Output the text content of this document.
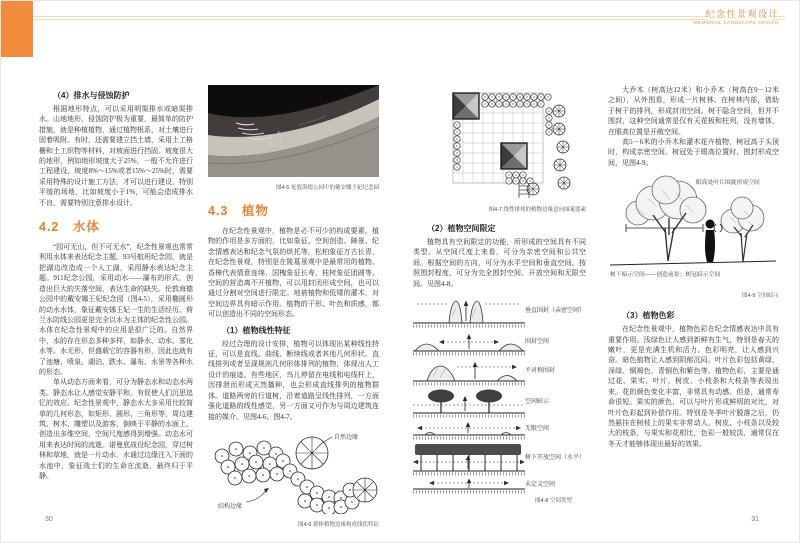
纪念性景观设计
MEMORIAL LANDSCAPE DESIGN
（4）排水与侵蚀防护

根据地形特点，可以采用明渠排水或暗渠排水。山地地形，侵蚀防护极为重要，最简单的防护措施，就是种植植物，通过植物根系，对土壤进行固着吸附。有时，还需要建立挡土墙，采用土工格栅和土工织物等材料，对坡面进行挡固。坡度很大的地形，例如地形坡度大于25%，一般不允许进行工程建设，坡度8%～15%或者15%～25%时，需要采用特殊的设计施工方法，才可以进行建设。特别平缓的场地，比如坡度小于1%，可能会造成排水不良，需要特别注意排水设计。

4.2　水体

“园可无山，但不可无水”，纪念性景观也常常利用水体来表达纪念主题。93号航班纪念园，就是把湖边改造成一个人工湖，采用静水表达纪念主题。911纪念公园，采用动水——瀑布的形式，创造出巨大的失落空间，表达生命的缺失。伦敦海德公园中的戴安娜王妃纪念园（图4-5），采用椭圆形的动水水体，象征戴安娜王妃一生的生活经历。荷兰水防线公园更是完全以水为主体的纪念性公园。水体在纪念性景观中的应用是很广泛的。自然界中，水的存在形态多种多样，如静水、动水、雾化水等。水无形，但盛载它的容器有形，因此也就有了池塘、喷泉、湖泊、跌水、瀑布、水景等各种水的形态。

单从动态方面来看，可分为静态水和动态水两类。静态水让人感觉安静平和，有促使人们沉思追忆的效应。纪念性景观中，静态水大多采用比较简单的几何形态，如矩形、圆形、三角形等，周边建筑、树木、雕塑以及游客，倒映于平静的水面上，创造出多维空间，空间尺度感得到增强。动态水可用来表达时间的流逝。诺曼底战役纪念园，穿过树林和草地，就是一片动水，水通过边缘注入下面的水池中，象征战士们的生命在流逝，最终归于平静。

图4-5 伦敦海德公园中的戴安娜王妃纪念园
4.3　植物

在纪念性景观中，植物是必不可少的构成要素。植物的作用是多方面的，比如象征、空间创造、障景、纪念情感表达和纪念气氛的烘托等。松柏象征万古长青，在纪念性景观，特别是在陵墓景观中是最常用的植物。香樟代表情意连绵，国槐象征长寿，桂树象征团圆等。空间的营造离不开植物，可以用封闭形成空间，也可以通过分割对空间进行限定。地被植物和低矮的灌木，对空间边界具有暗示作用。植物的干形、叶色和质感，都可以创造出不同的空间形态。

（1）植物线性特征

经过合理的设计安排，植物可以体现出某种线性特征，可以是直线、曲线、断续线或者其他几何形状。直线排列或者呈现规则几何形体排列的植物，体现出人工设计的痕迹。有些地区，鸟儿停留在电线和电线杆上，因排泄而形成天然播种，也会形成直线排列的植物群体。道路两旁的行道树，沿着道路呈线性排列，一方面强化道路的线性感觉，另一方面又可作为与周边建筑连接的媒介。见图4-6、图4-7。

自然边缘
结构边缘
图4-6 群体植物边缘构成线状特征
图4-7 线性排列的植物边缘意向图案要素
（2）植物空间限定

植物具有空间限定的功能，所形成的空间具有不同类型。从空间尺度上来看，可分为亲密空间和公共空间。根据空间的方向，可分为水平空间和垂直空间。按照围封程度，可分为完全围封空间、开放空间和无限空间。见图4-8。

垂直围封（亲密空间）
围封空间
不对称围封
空间暗示
无限空间
树下开放空间（水平）
未定义空间
图4-8 空间类型

大乔木（树高达12米）和小乔木（树高在9－12米之间），从外围看，形成一片树林。在树林内部，借助于树干的排列，形成封闭空间。树干隐含空间，但并不围封，这种空间通常是仅有天花板和柱列，没有墙体，在眼高位置是开敞空间。

高5－6米的小乔木和灌木花卉植物，树冠高于头顶时，构成亲密空间。树冠处于眼高位置时，围封形成空间，见图4-9。

眼高处叶片围拢形成空间
树干暗示空间——创造前景；树冠暗示空间
图4-9 空间暗示
（3）植物色彩

在纪念性景观中，植物色彩在纪念情感表达中具有重要作用。浅绿色让人感到新鲜有生气，特别是春天的嫩叶，更是充满生机和活力。色彩明亮，让人感到兴奋。暗色植物让人感到阴郁沉闷。叶片色彩包括黄绿、深绿、铜褐色、青铜色和紫色等。植物色彩，主要是通过花、果实、叶片、树皮、小枝条和大枝条等表现出来。花的颜色变化丰富，非常具有动感。但是，通常寿命很短。果实的颜色，可以与叶片形成鲜明的对比，对叶片色彩起到补偿作用。特别是冬季叶片脱落之后，仍然悬挂在树枝上的果实非常动人。树皮、小枝条以及较大的枝条，与果实和花相比，色彩一般较淡，通常仅在冬天才能够体现出最好的效果。

30	31
